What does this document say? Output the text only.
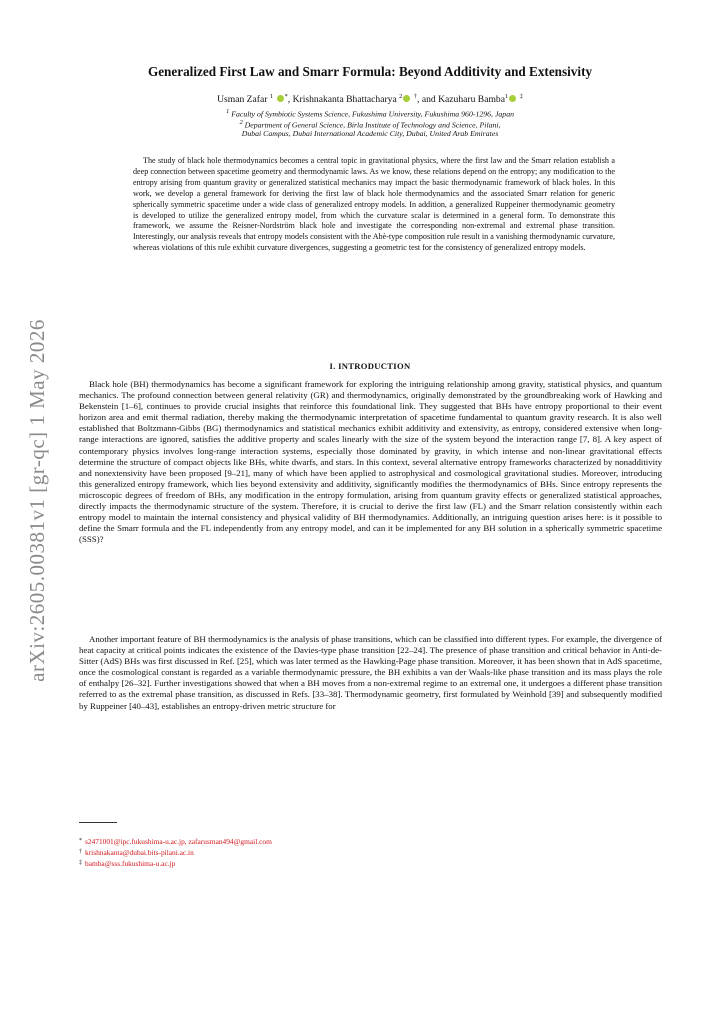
arXiv:2605.00381v1 [gr-qc] 1 May 2026
Generalized First Law and Smarr Formula: Beyond Additivity and Extensivity
Usman Zafar $^1$ *, Krishnakanta Bhattacharya $^2$ †, and Kazuharu Bamba$^1$ ‡
$^1$ Faculty of Symbiotic Systems Science, Fukushima University, Fukushima 960-1296, Japan
$^2$ Department of General Science, Birla Institute of Technology and Science, Pilani,
Dubai Campus, Dubai International Academic City, Dubai, United Arab Emirates

The study of black hole thermodynamics becomes a central topic in gravitational physics, where the first law and the Smarr relation establish a deep connection between spacetime geometry and thermodynamic laws. As we know, these relations depend on the entropy; any modification to the entropy arising from quantum gravity or generalized statistical mechanics may impact the basic thermodynamic framework of black holes. In this work, we develop a general framework for deriving the first law of black hole thermodynamics and the associated Smarr relation for generic spherically symmetric spacetime under a wide class of generalized entropy models. In addition, a generalized Ruppeiner thermodynamic geometry is developed to utilize the generalized entropy model, from which the curvature scalar is determined in a general form. To demonstrate this framework, we assume the Reisner-Nordström black hole and investigate the corresponding non-extremal and extremal phase transition. Interestingly, our analysis reveals that entropy models consistent with the Abè-type composition rule result in a vanishing thermodynamic curvature, whereas violations of this rule exhibit curvature divergences, suggesting a geometric test for the consistency of generalized entropy models.

I. INTRODUCTION

Black hole (BH) thermodynamics has become a significant framework for exploring the intriguing relationship among gravity, statistical physics, and quantum mechanics. The profound connection between general relativity (GR) and thermodynamics, originally demonstrated by the groundbreaking work of Hawking and Bekenstein [1–6], continues to provide crucial insights that reinforce this foundational link. They suggested that BHs have entropy proportional to their event horizon area and emit thermal radiation, thereby making the thermodynamic interpretation of spacetime fundamental to quantum gravity research. It is also well established that Boltzmann-Gibbs (BG) thermodynamics and statistical mechanics exhibit additivity and extensivity, as entropy, considered extensive when long-range interactions are ignored, satisfies the additive property and scales linearly with the size of the system beyond the interaction range [7, 8]. A key aspect of contemporary physics involves long-range interaction systems, especially those dominated by gravity, in which intense and non-linear gravitational effects determine the structure of compact objects like BHs, white dwarfs, and stars. In this context, several alternative entropy frameworks characterized by nonadditivity and nonextensivity have been proposed [9–21], many of which have been applied to astrophysical and cosmological gravitational studies. Moreover, introducing this generalized entropy framework, which lies beyond extensivity and additivity, significantly modifies the thermodynamics of BHs. Since entropy represents the microscopic degrees of freedom of BHs, any modification in the entropy formulation, arising from quantum gravity effects or generalized statistical approaches, directly impacts the thermodynamic structure of the system. Therefore, it is crucial to derive the first law (FL) and the Smarr relation consistently within each entropy model to maintain the internal consistency and physical validity of BH thermodynamics. Additionally, an intriguing question arises here: is it possible to define the Smarr formula and the FL independently from any entropy model, and can it be implemented for any BH solution in a spherically symmetric spacetime (SSS)?

Another important feature of BH thermodynamics is the analysis of phase transitions, which can be classified into different types. For example, the divergence of heat capacity at critical points indicates the existence of the Davies-type phase transition [22–24]. The presence of phase transition and critical behavior in Anti-de-Sitter (AdS) BHs was first discussed in Ref. [25], which was later termed as the Hawking-Page phase transition. Moreover, it has been shown that in AdS spacetime, once the cosmological constant is regarded as a variable thermodynamic pressure, the BH exhibits a van der Waals-like phase transition and its mass plays the role of enthalpy [26–32]. Further investigations showed that when a BH moves from a non-extremal regime to an extremal one, it undergoes a different phase transition referred to as the extremal phase transition, as discussed in Refs. [33–38]. Thermodynamic geometry, first formulated by Weinhold [39] and subsequently modified by Ruppeiner [40–43], establishes an entropy-driven metric structure for

* s2471001@ipc.fukushima-u.ac.jp, zafarusman494@gmail.com
† krishnakanta@dubai.bits-pilani.ac.in
‡ bamba@sss.fukushima-u.ac.jp
